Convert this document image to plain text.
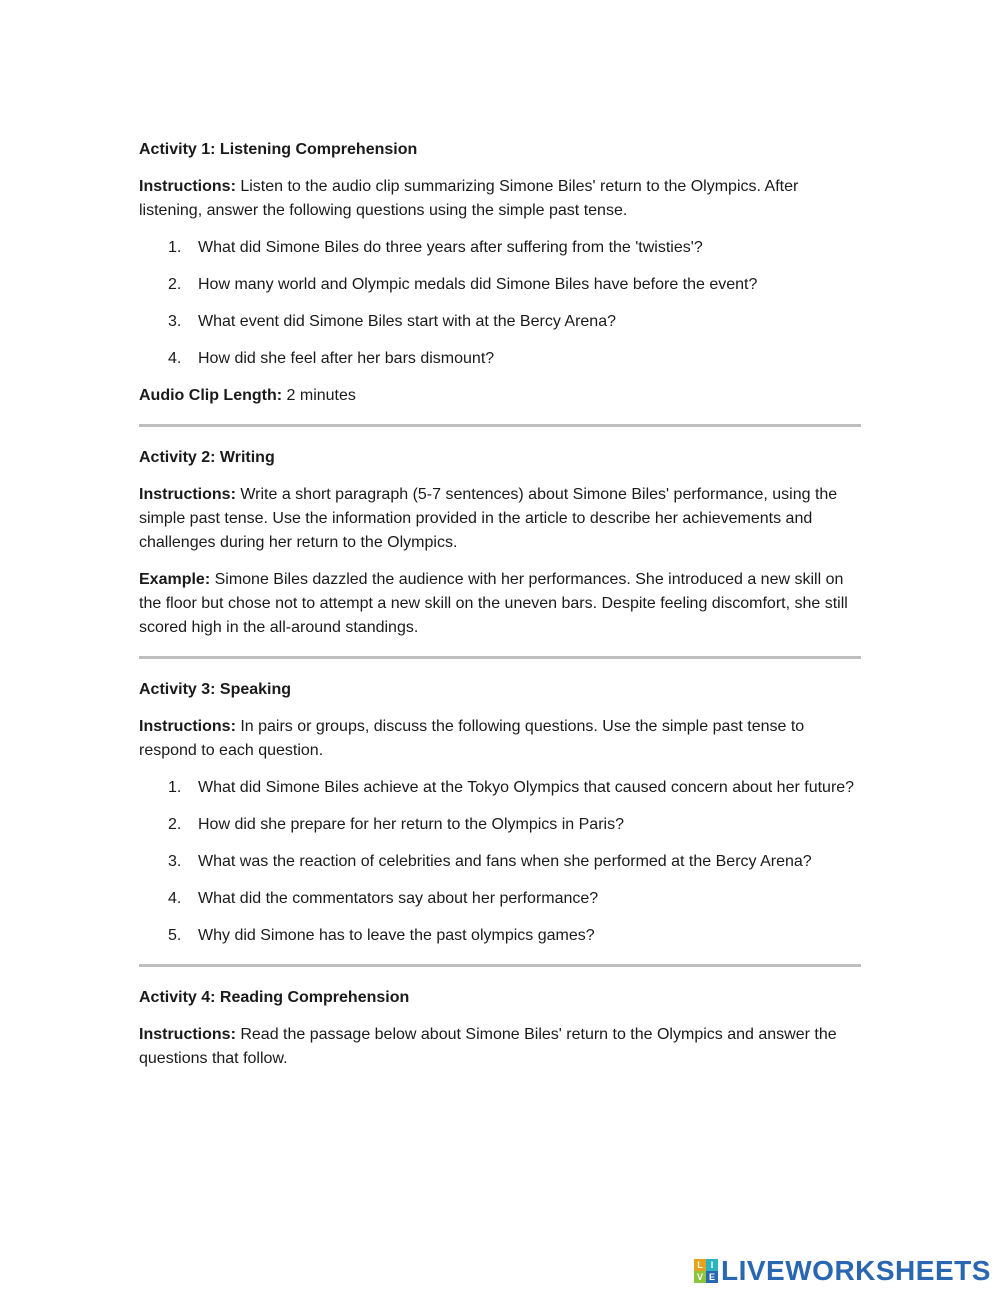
Activity 1: Listening Comprehension

Instructions: Listen to the audio clip summarizing Simone Biles' return to the Olympics. After listening, answer the following questions using the simple past tense.

1. What did Simone Biles do three years after suffering from the 'twisties'?
2. How many world and Olympic medals did Simone Biles have before the event?
3. What event did Simone Biles start with at the Bercy Arena?
4. How did she feel after her bars dismount?

Audio Clip Length: 2 minutes

Activity 2: Writing

Instructions: Write a short paragraph (5-7 sentences) about Simone Biles' performance, using the simple past tense. Use the information provided in the article to describe her achievements and challenges during her return to the Olympics.

Example: Simone Biles dazzled the audience with her performances. She introduced a new skill on the floor but chose not to attempt a new skill on the uneven bars. Despite feeling discomfort, she still scored high in the all-around standings.

Activity 3: Speaking

Instructions: In pairs or groups, discuss the following questions. Use the simple past tense to respond to each question.

1. What did Simone Biles achieve at the Tokyo Olympics that caused concern about her future?
2. How did she prepare for her return to the Olympics in Paris?
3. What was the reaction of celebrities and fans when she performed at the Bercy Arena?
4. What did the commentators say about her performance?
5. Why did Simone has to leave the past olympics games?

Activity 4: Reading Comprehension

Instructions: Read the passage below about Simone Biles' return to the Olympics and answer the questions that follow.

L I
V E LIVEWORKSHEETS
